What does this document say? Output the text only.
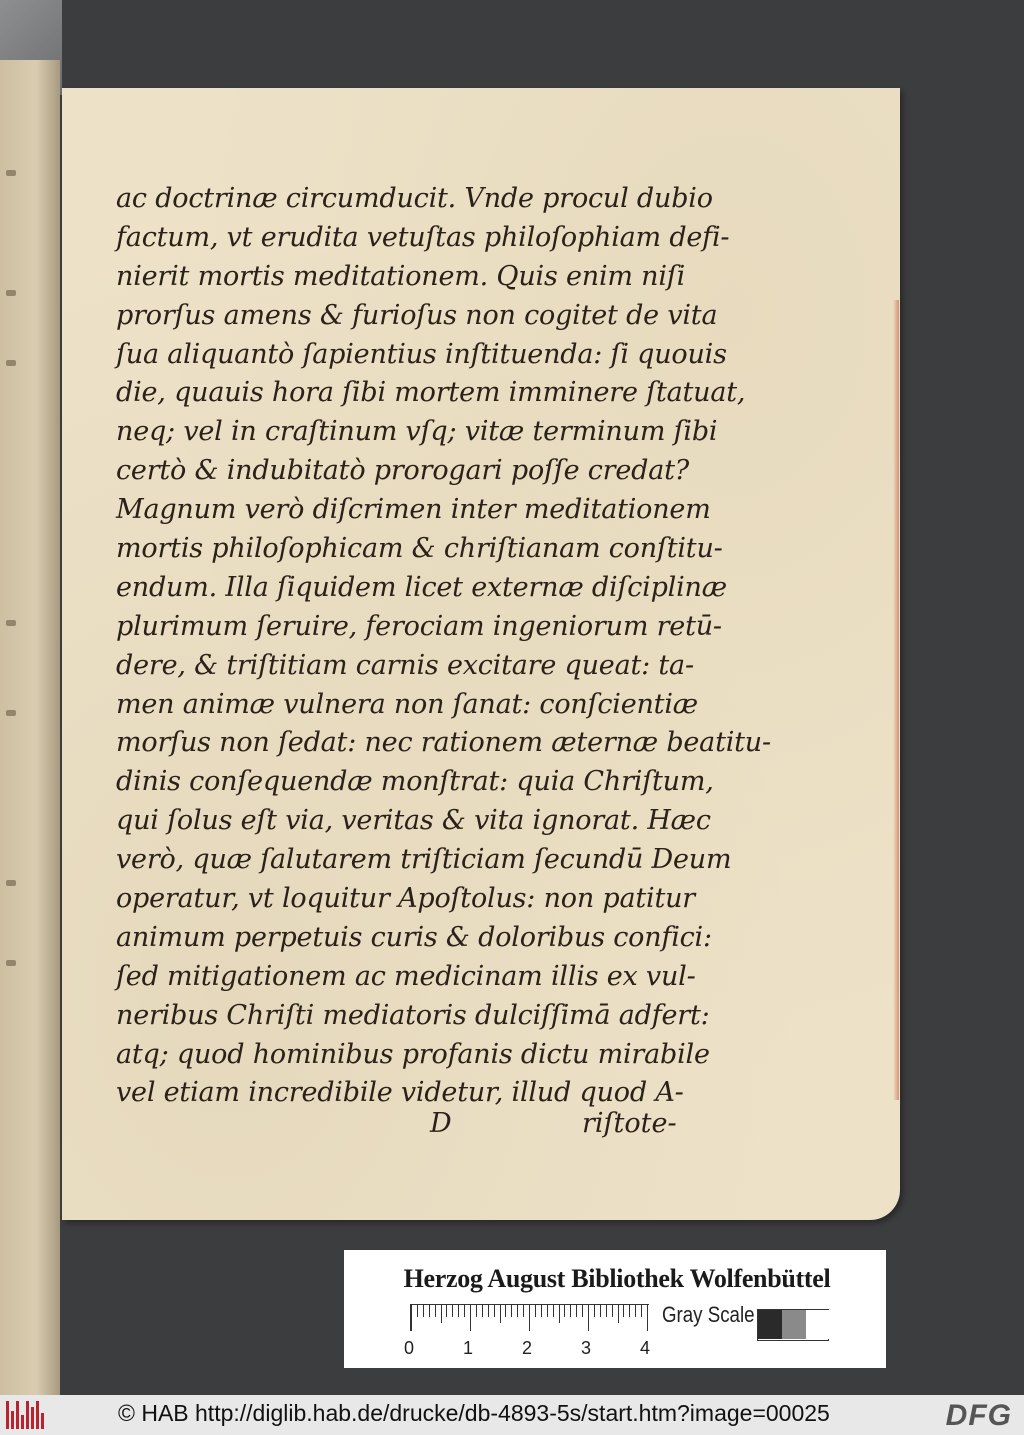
ac doctrinæ circumducit. Vnde procul dubio
factum, vt erudita vetuſtas philoſophiam defi-
nierit mortis meditationem. Quis enim niſi
prorſus amens & furioſus non cogitet de vita
ſua aliquantò ſapientius inſtituenda: ſi quouis
die, quauis hora ſibi mortem imminere ſtatuat,
neq; vel in craſtinum vſq; vitæ terminum ſibi
certò & indubitatò prorogari poſſe credat?
Magnum verò diſcrimen inter meditationem
mortis philoſophicam & chriſtianam conſtitu-
endum. Illa ſiquidem licet externæ diſciplinæ
plurimum ſeruire, ferociam ingeniorum retū-
dere, & triſtitiam carnis excitare queat: ta-
men animæ vulnera non ſanat: conſcientiæ
morſus non ſedat: nec rationem æternæ beatitu-
dinis conſequendæ monſtrat: quia Chriſtum,
qui ſolus eſt via, veritas & vita ignorat. Hæc
verò, quæ ſalutarem triſticiam ſecundū Deum
operatur, vt loquitur Apoſtolus: non patitur
animum perpetuis curis & doloribus confici:
ſed mitigationem ac medicinam illis ex vul-
neribus Chriſti mediatoris dulciſſimā adfert:
atq; quod hominibus profanis dictu mirabile
vel etiam incredibile videtur, illud quod A-
D	riſtote-
Herzog August Bibliothek Wolfenbüttel
0	1	2	3	4
Gray Scale
© HAB http://diglib.hab.de/drucke/db-4893-5s/start.htm?image=00025	DFG
